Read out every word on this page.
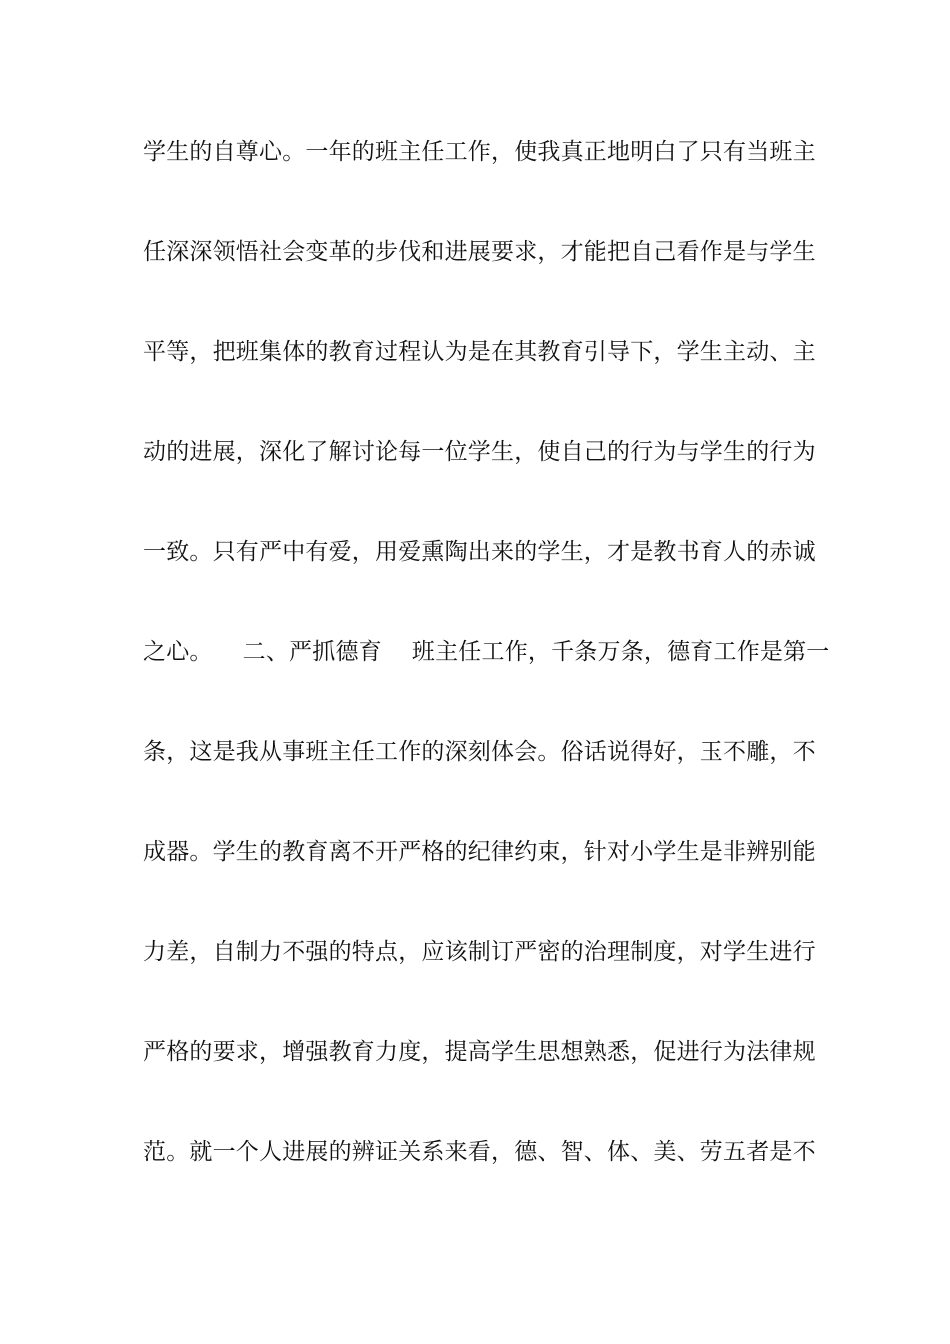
学生的自尊心。一年的班主任工作，使我真正地明白了只有当班主
任深深领悟社会变革的步伐和进展要求，才能把自己看作是与学生
平等，把班集体的教育过程认为是在其教育引导下，学生主动、主
动的进展，深化了解讨论每一位学生，使自己的行为与学生的行为
一致。只有严中有爱，用爱熏陶出来的学生，才是教书育人的赤诚
之心。    二、严抓德育    班主任工作，千条万条，德育工作是第一
条，这是我从事班主任工作的深刻体会。俗话说得好，玉不雕，不
成器。学生的教育离不开严格的纪律约束，针对小学生是非辨别能
力差，自制力不强的特点，应该制订严密的治理制度，对学生进行
严格的要求，增强教育力度，提高学生思想熟悉，促进行为法律规
范。就一个人进展的辨证关系来看，德、智、体、美、劳五者是不
